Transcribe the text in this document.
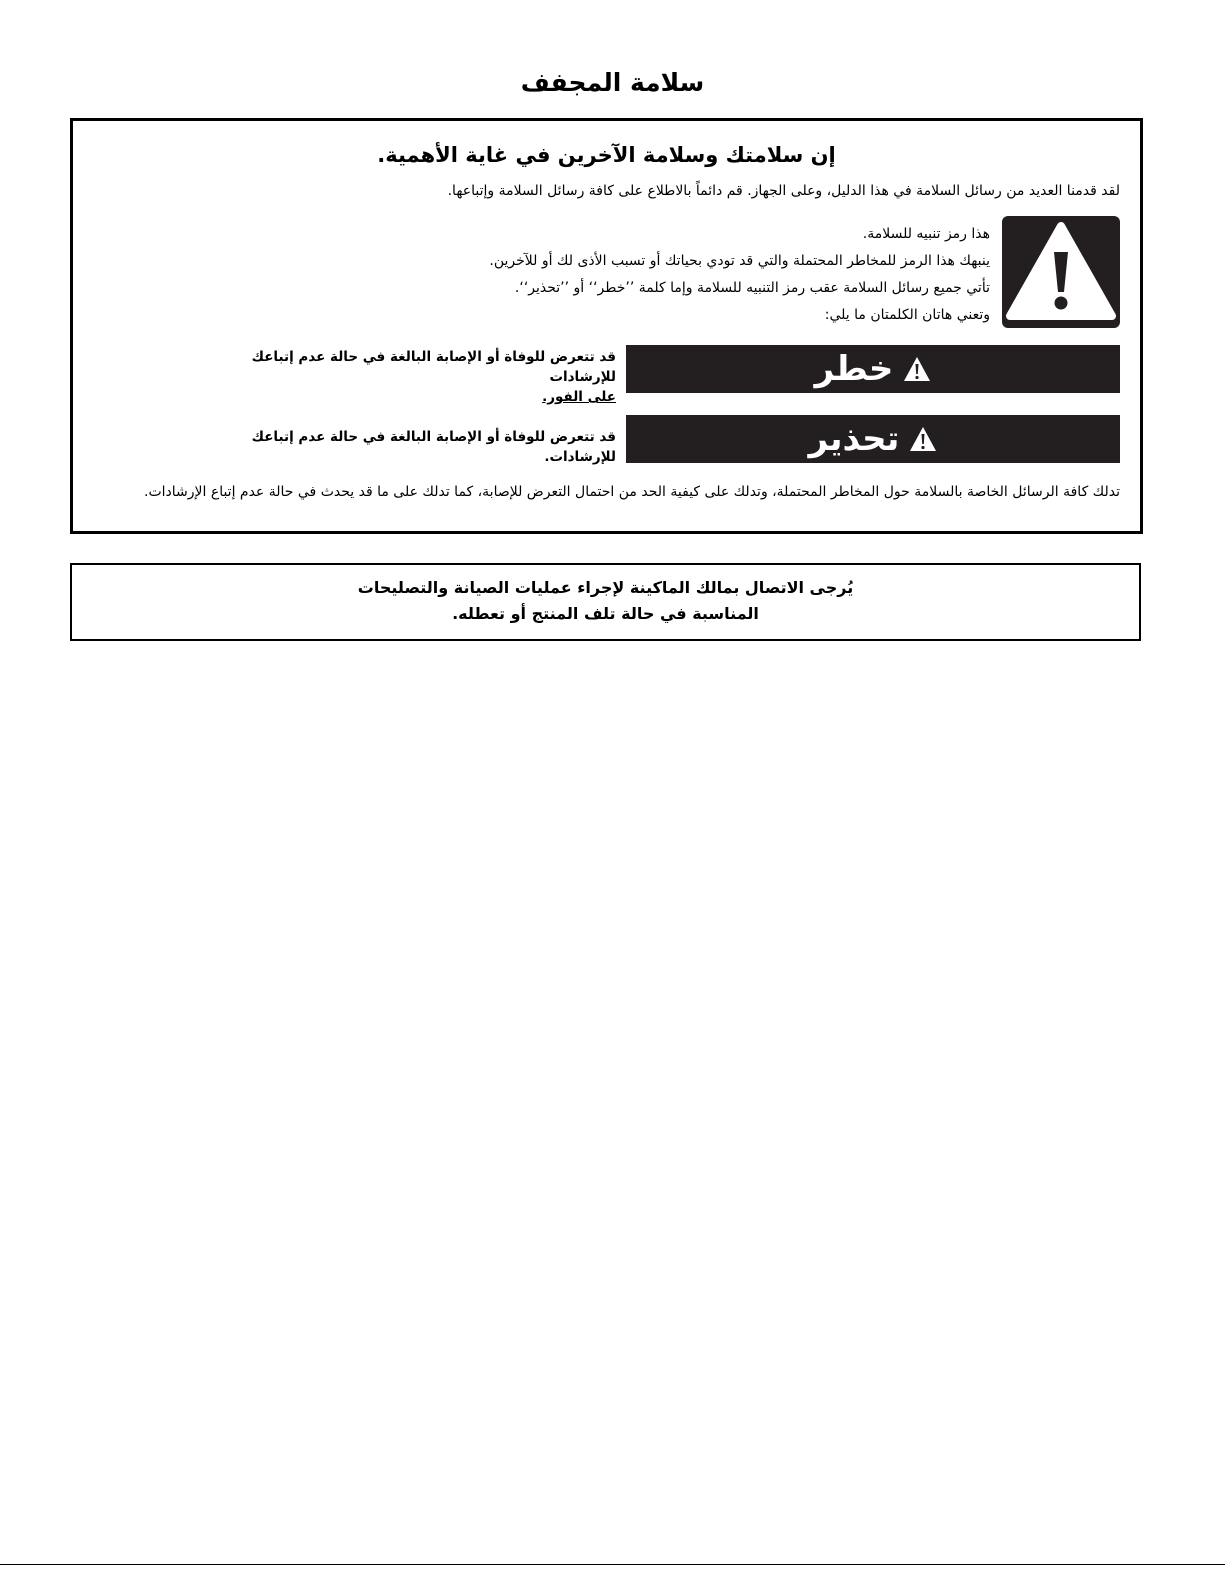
سلامة المجفف
إن سلامتك وسلامة الآخرين في غاية الأهمية.
لقد قدمنا العديد من رسائل السلامة في هذا الدليل، وعلى الجهاز. قم دائماً بالاطلاع على كافة رسائل السلامة وإتباعها.
هذا رمز تنبيه للسلامة.
ينبهك هذا الرمز للمخاطر المحتملة والتي قد تودي بحياتك أو تسبب الأذى لك أو للآخرين.
تأتي جميع رسائل السلامة عقب رمز التنبيه للسلامة وإما كلمة ’’خطر‘‘ أو ’’تحذير‘‘.
وتعني هاتان الكلمتان ما يلي:
خطر
قد تتعرض للوفاة أو الإصابة البالغة في حالة عدم إتباعك للإرشادات
على الفور.
تحذير
قد تتعرض للوفاة أو الإصابة البالغة في حالة عدم إتباعك للإرشادات.
تدلك كافة الرسائل الخاصة بالسلامة حول المخاطر المحتملة، وتدلك على كيفية الحد من احتمال التعرض للإصابة، كما تدلك على ما قد يحدث في حالة عدم إتباع الإرشادات.
يُرجى الاتصال بمالك الماكينة لإجراء عمليات الصيانة والتصليحات
المناسبة في حالة تلف المنتج أو تعطله.
